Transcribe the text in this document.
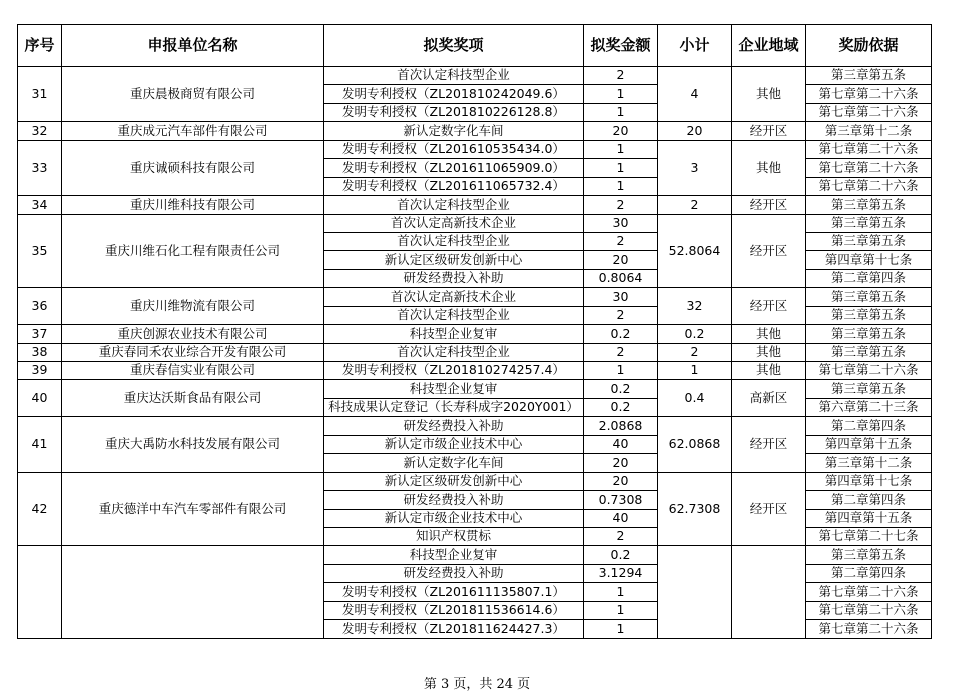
序号	申报单位名称	拟奖奖项	拟奖金额	小计	企业地域	奖励依据
31	重庆晨极商贸有限公司	首次认定科技型企业	2	4	其他	第三章第五条
		发明专利授权（ZL201810242049.6）	1			第七章第二十六条
		发明专利授权（ZL201810226128.8）	1			第七章第二十六条
32	重庆成元汽车部件有限公司	新认定数字化车间	20	20	经开区	第三章第十二条
33	重庆诚硕科技有限公司	发明专利授权（ZL201610535434.0）	1	3	其他	第七章第二十六条
		发明专利授权（ZL201611065909.0）	1			第七章第二十六条
		发明专利授权（ZL201611065732.4）	1			第七章第二十六条
34	重庆川维科技有限公司	首次认定科技型企业	2	2	经开区	第三章第五条
35	重庆川维石化工程有限责任公司	首次认定高新技术企业	30	52.8064	经开区	第三章第五条
		首次认定科技型企业	2			第三章第五条
		新认定区级研发创新中心	20			第四章第十七条
		研发经费投入补助	0.8064			第二章第四条
36	重庆川维物流有限公司	首次认定高新技术企业	30	32	经开区	第三章第五条
		首次认定科技型企业	2			第三章第五条
37	重庆创源农业技术有限公司	科技型企业复审	0.2	0.2	其他	第三章第五条
38	重庆春同禾农业综合开发有限公司	首次认定科技型企业	2	2	其他	第三章第五条
39	重庆春信实业有限公司	发明专利授权（ZL201810274257.4）	1	1	其他	第七章第二十六条
40	重庆达沃斯食品有限公司	科技型企业复审	0.2	0.4	高新区	第三章第五条
		科技成果认定登记（长寿科成字2020Y001）	0.2			第六章第二十三条
41	重庆大禹防水科技发展有限公司	研发经费投入补助	2.0868	62.0868	经开区	第二章第四条
		新认定市级企业技术中心	40			第四章第十五条
		新认定数字化车间	20			第三章第十二条
42	重庆德洋中车汽车零部件有限公司	新认定区级研发创新中心	20	62.7308	经开区	第四章第十七条
		研发经费投入补助	0.7308			第二章第四条
		新认定市级企业技术中心	40			第四章第十五条
		知识产权贯标	2			第七章第二十七条
		科技型企业复审	0.2			第三章第五条
		研发经费投入补助	3.1294			第二章第四条
		发明专利授权（ZL201611135807.1）	1			第七章第二十六条
		发明专利授权（ZL201811536614.6）	1			第七章第二十六条
		发明专利授权（ZL201811624427.3）	1			第七章第二十六条
第 3 页，共 24 页
